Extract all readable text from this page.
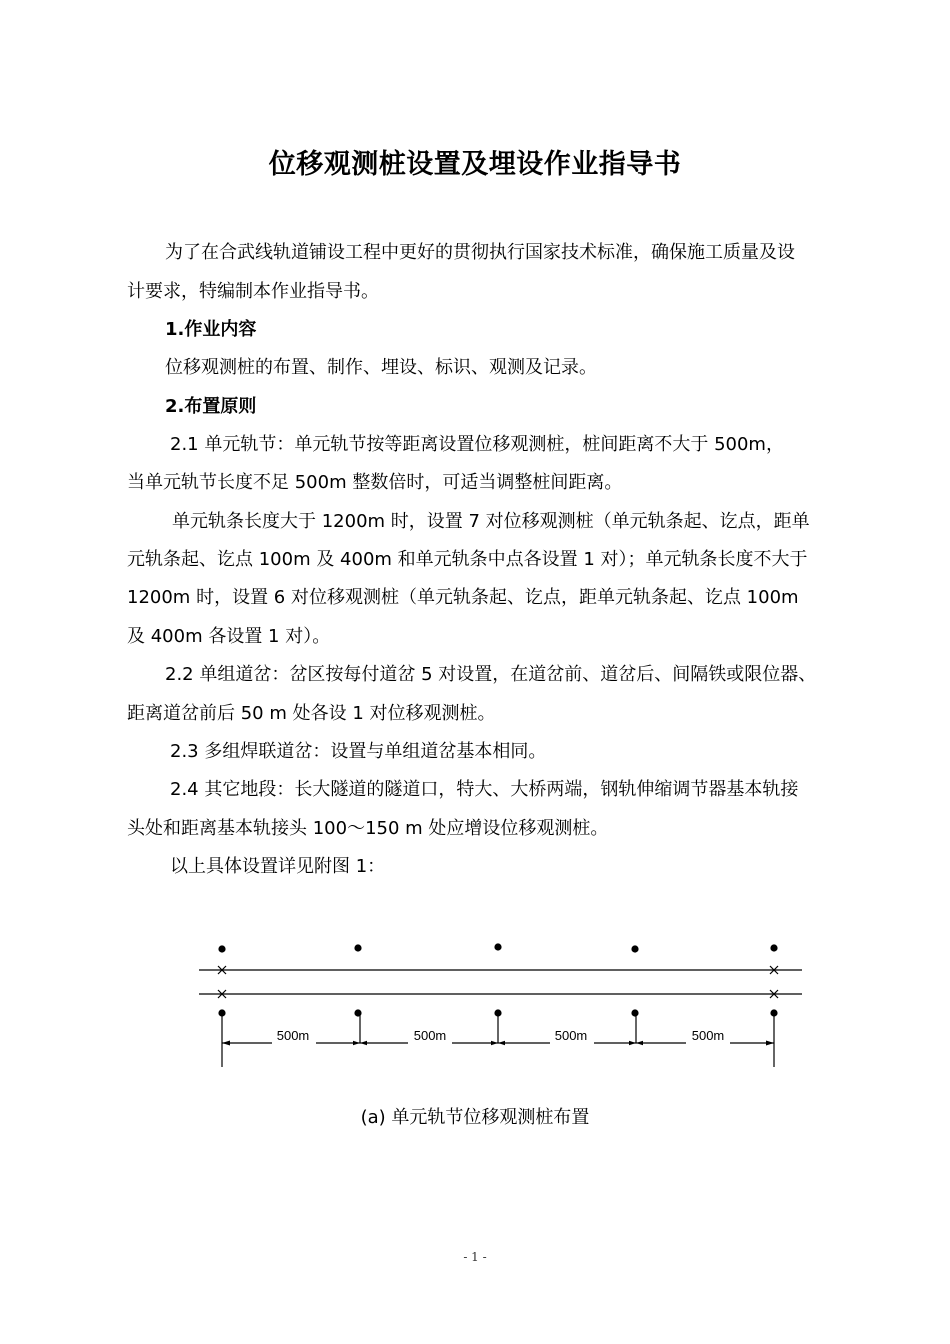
位移观测桩设置及埋设作业指导书
为了在合武线轨道铺设工程中更好的贯彻执行国家技术标准，确保施工质量及设
计要求，特编制本作业指导书。
1.作业内容
位移观测桩的布置、制作、埋设、标识、观测及记录。
2.布置原则
2.1 单元轨节：单元轨节按等距离设置位移观测桩，桩间距离不大于 500m，
当单元轨节长度不足 500m 整数倍时，可适当调整桩间距离。
单元轨条长度大于 1200m 时，设置 7 对位移观测桩（单元轨条起、讫点，距单
元轨条起、讫点 100m 及 400m 和单元轨条中点各设置 1 对）；单元轨条长度不大于
1200m 时，设置 6 对位移观测桩（单元轨条起、讫点，距单元轨条起、讫点 100m
及 400m 各设置 1 对）。
2.2 单组道岔：岔区按每付道岔 5 对设置，在道岔前、道岔后、间隔铁或限位器、
距离道岔前后 50 m 处各设 1 对位移观测桩。
2.3 多组焊联道岔：设置与单组道岔基本相同。
2.4 其它地段：长大隧道的隧道口，特大、大桥两端，钢轨伸缩调节器基本轨接
头处和距离基本轨接头 100～150 m 处应增设位移观测桩。
以上具体设置详见附图 1：
500m	500m	500m	500m
(a) 单元轨节位移观测桩布置
- 1 -
